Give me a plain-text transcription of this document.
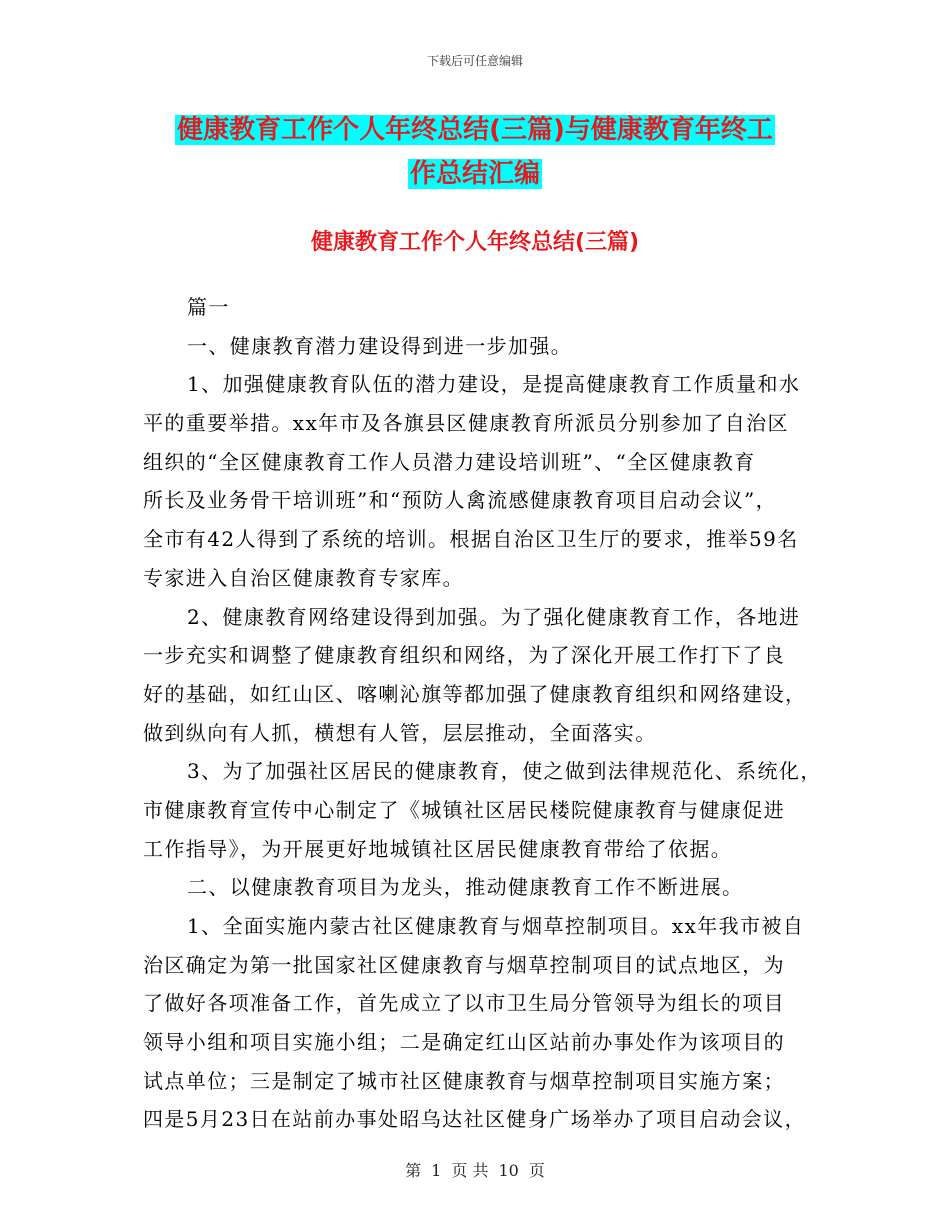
下载后可任意编辑
健康教育工作个人年终总结(三篇)与健康教育年终工
作总结汇编
健康教育工作个人年终总结(三篇)
篇一
一、健康教育潜力建设得到进一步加强。
1、加强健康教育队伍的潜力建设，是提高健康教育工作质量和水
平的重要举措。xx年市及各旗县区健康教育所派员分别参加了自治区
组织的“全区健康教育工作人员潜力建设培训班”、“全区健康教育
所长及业务骨干培训班”和“预防人禽流感健康教育项目启动会议”，
全市有42人得到了系统的培训。根据自治区卫生厅的要求，推举59名
专家进入自治区健康教育专家库。
2、健康教育网络建设得到加强。为了强化健康教育工作，各地进
一步充实和调整了健康教育组织和网络，为了深化开展工作打下了良
好的基础，如红山区、喀喇沁旗等都加强了健康教育组织和网络建设，
做到纵向有人抓，横想有人管，层层推动，全面落实。
3、为了加强社区居民的健康教育，使之做到法律规范化、系统化，
市健康教育宣传中心制定了《城镇社区居民楼院健康教育与健康促进
工作指导》，为开展更好地城镇社区居民健康教育带给了依据。
二、以健康教育项目为龙头，推动健康教育工作不断进展。
1、全面实施内蒙古社区健康教育与烟草控制项目。xx年我市被自
治区确定为第一批国家社区健康教育与烟草控制项目的试点地区，为
了做好各项准备工作，首先成立了以市卫生局分管领导为组长的项目
领导小组和项目实施小组；二是确定红山区站前办事处作为该项目的
试点单位；三是制定了城市社区健康教育与烟草控制项目实施方案；
四是5月23日在站前办事处昭乌达社区健身广场举办了项目启动会议，
第 1 页 共 10 页
